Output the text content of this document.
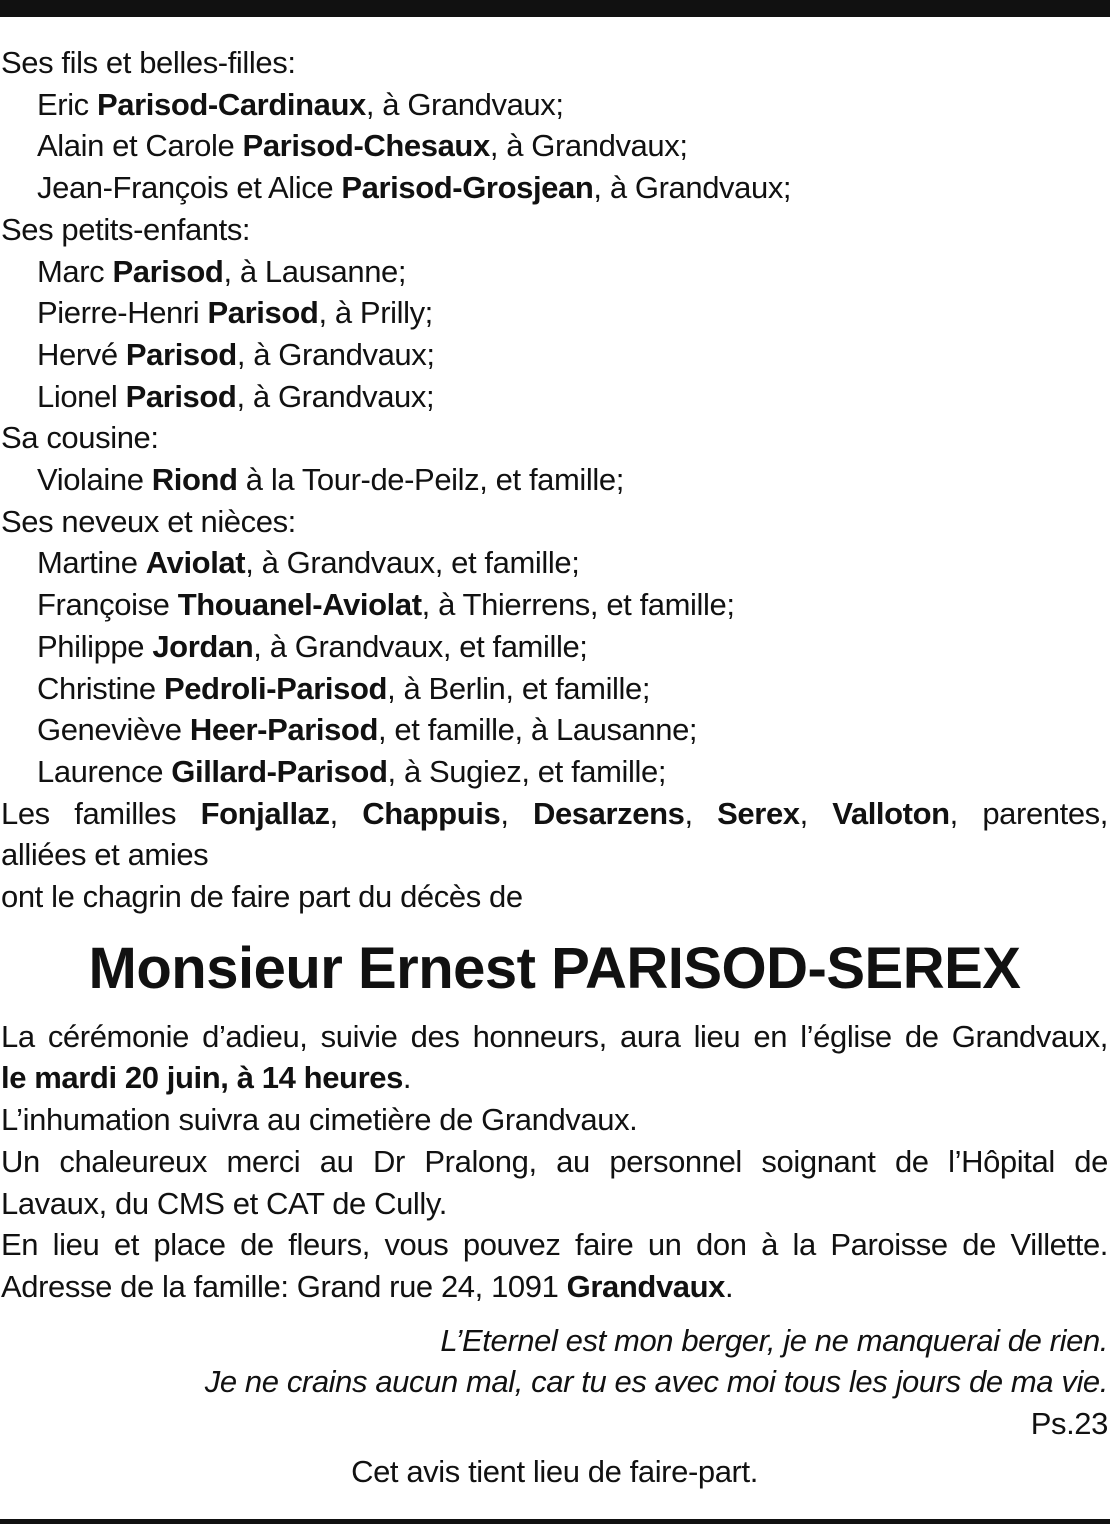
Ses fils et belles-filles:
Eric Parisod-Cardinaux, à Grandvaux;
Alain et Carole Parisod-Chesaux, à Grandvaux;
Jean-François et Alice Parisod-Grosjean, à Grandvaux;
Ses petits-enfants:
Marc Parisod, à Lausanne;
Pierre-Henri Parisod, à Prilly;
Hervé Parisod, à Grandvaux;
Lionel Parisod, à Grandvaux;
Sa cousine:
Violaine Riond à la Tour-de-Peilz, et famille;
Ses neveux et nièces:
Martine Aviolat, à Grandvaux, et famille;
Françoise Thouanel-Aviolat, à Thierrens, et famille;
Philippe Jordan, à Grandvaux, et famille;
Christine Pedroli-Parisod, à Berlin, et famille;
Geneviève Heer-Parisod, et famille, à Lausanne;
Laurence Gillard-Parisod, à Sugiez, et famille;
Les familles Fonjallaz, Chappuis, Desarzens, Serex, Valloton, parentes,
alliées et amies
ont le chagrin de faire part du décès de
Monsieur Ernest PARISOD-SEREX
La cérémonie d’adieu, suivie des honneurs, aura lieu en l’église de Grandvaux,
le mardi 20 juin, à 14 heures.
L’inhumation suivra au cimetière de Grandvaux.
Un chaleureux merci au Dr Pralong, au personnel soignant de l’Hôpital de
Lavaux, du CMS et CAT de Cully.
En lieu et place de fleurs, vous pouvez faire un don à la Paroisse de Villette.
Adresse de la famille: Grand rue 24, 1091 Grandvaux.
L’Eternel est mon berger, je ne manquerai de rien.
Je ne crains aucun mal, car tu es avec moi tous les jours de ma vie.
Ps.23
Cet avis tient lieu de faire-part.
